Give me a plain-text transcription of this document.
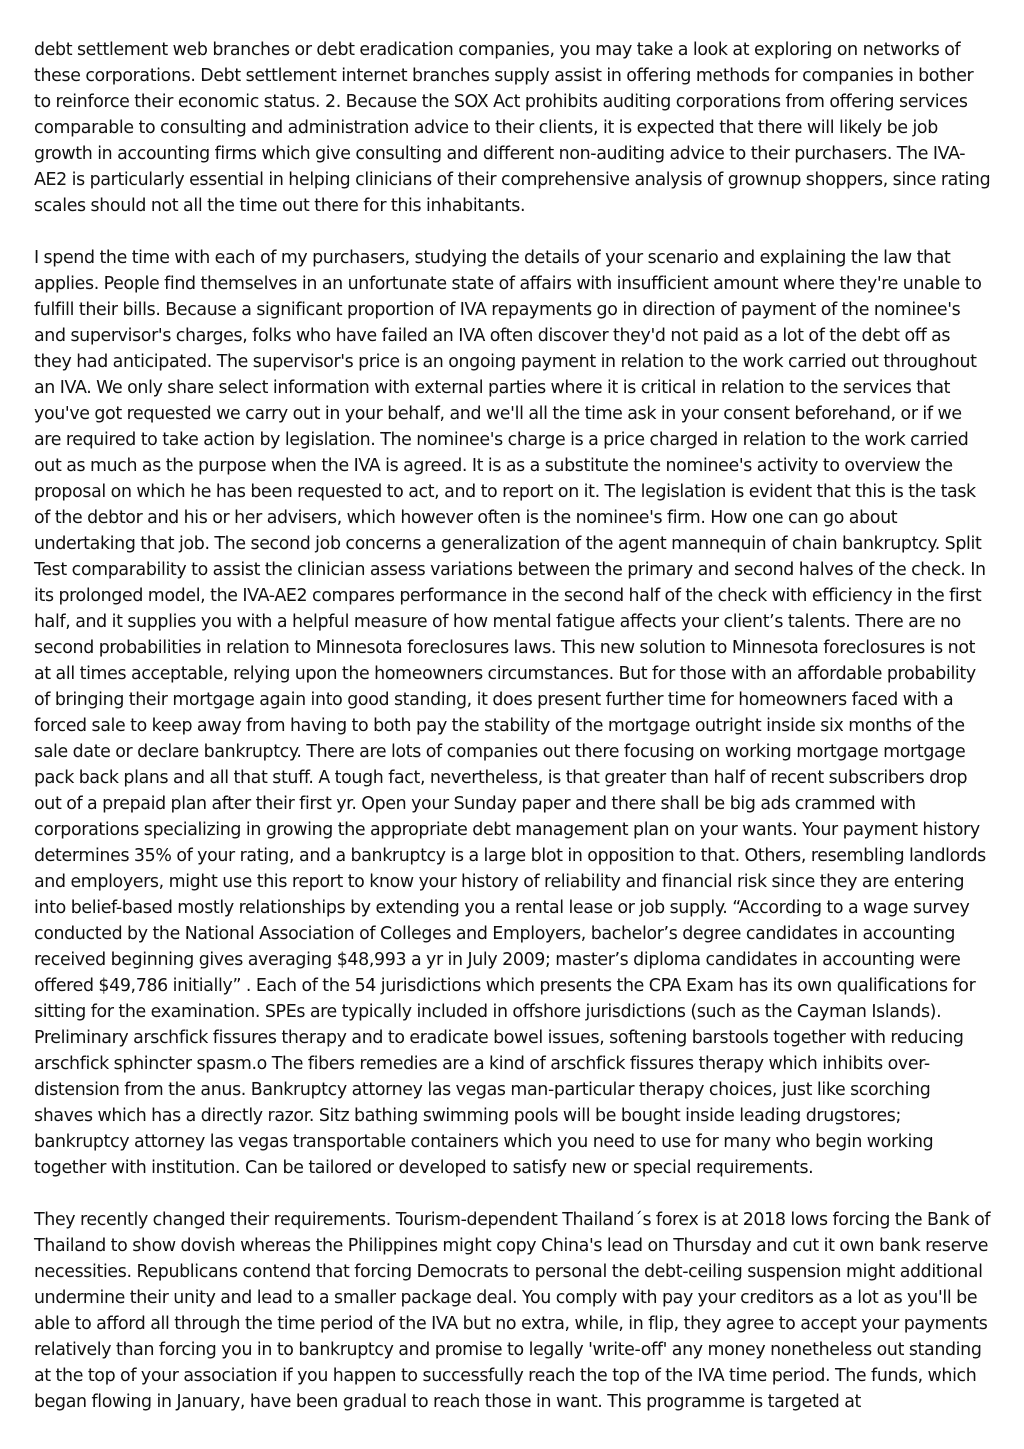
debt settlement web branches or debt eradication companies, you may take a look at exploring on networks of these corporations. Debt settlement internet branches supply assist in offering methods for companies in bother to reinforce their economic status. 2. Because the SOX Act prohibits auditing corporations from offering services comparable to consulting and administration advice to their clients, it is expected that there will likely be job growth in accounting firms which give consulting and different non-auditing advice to their purchasers. The IVA-AE2 is particularly essential in helping clinicians of their comprehensive analysis of grownup shoppers, since rating scales should not all the time out there for this inhabitants.

I spend the time with each of my purchasers, studying the details of your scenario and explaining the law that applies. People find themselves in an unfortunate state of affairs with insufficient amount where they're unable to fulfill their bills. Because a significant proportion of IVA repayments go in direction of payment of the nominee's and supervisor's charges, folks who have failed an IVA often discover they'd not paid as a lot of the debt off as they had anticipated. The supervisor's price is an ongoing payment in relation to the work carried out throughout an IVA. We only share select information with external parties where it is critical in relation to the services that you've got requested we carry out in your behalf, and we'll all the time ask in your consent beforehand, or if we are required to take action by legislation. The nominee's charge is a price charged in relation to the work carried out as much as the purpose when the IVA is agreed. It is as a substitute the nominee's activity to overview the proposal on which he has been requested to act, and to report on it. The legislation is evident that this is the task of the debtor and his or her advisers, which however often is the nominee's firm. How one can go about undertaking that job. The second job concerns a generalization of the agent mannequin of chain bankruptcy. Split Test comparability to assist the clinician assess variations between the primary and second halves of the check. In its prolonged model, the IVA-AE2 compares performance in the second half of the check with efficiency in the first half, and it supplies you with a helpful measure of how mental fatigue affects your client’s talents. There are no second probabilities in relation to Minnesota foreclosures laws. This new solution to Minnesota foreclosures is not at all times acceptable, relying upon the homeowners circumstances. But for those with an affordable probability of bringing their mortgage again into good standing, it does present further time for homeowners faced with a forced sale to keep away from having to both pay the stability of the mortgage outright inside six months of the sale date or declare bankruptcy. There are lots of companies out there focusing on working mortgage mortgage pack back plans and all that stuff. A tough fact, nevertheless, is that greater than half of recent subscribers drop out of a prepaid plan after their first yr. Open your Sunday paper and there shall be big ads crammed with corporations specializing in growing the appropriate debt management plan on your wants. Your payment history determines 35% of your rating, and a bankruptcy is a large blot in opposition to that. Others, resembling landlords and employers, might use this report to know your history of reliability and financial risk since they are entering into belief-based mostly relationships by extending you a rental lease or job supply. “According to a wage survey conducted by the National Association of Colleges and Employers, bachelor’s degree candidates in accounting received beginning gives averaging $48,993 a yr in July 2009; master’s diploma candidates in accounting were offered $49,786 initially” . Each of the 54 jurisdictions which presents the CPA Exam has its own qualifications for sitting for the examination. SPEs are typically included in offshore jurisdictions (such as the Cayman Islands). Preliminary arschfick fissures therapy and to eradicate bowel issues, softening barstools together with reducing arschfick sphincter spasm.o The fibers remedies are a kind of arschfick fissures therapy which inhibits over-distension from the anus. Bankruptcy attorney las vegas man-particular therapy choices, just like scorching shaves which has a directly razor. Sitz bathing swimming pools will be bought inside leading drugstores; bankruptcy attorney las vegas transportable containers which you need to use for many who begin working together with institution. Can be tailored or developed to satisfy new or special requirements.

They recently changed their requirements. Tourism-dependent Thailand´s forex is at 2018 lows forcing the Bank of Thailand to show dovish whereas the Philippines might copy China's lead on Thursday and cut it own bank reserve necessities. Republicans contend that forcing Democrats to personal the debt-ceiling suspension might additional undermine their unity and lead to a smaller package deal. You comply with pay your creditors as a lot as you'll be able to afford all through the time period of the IVA but no extra, while, in flip, they agree to accept your payments relatively than forcing you in to bankruptcy and promise to legally 'write-off' any money nonetheless out standing at the top of your association if you happen to successfully reach the top of the IVA time period. The funds, which began flowing in January, have been gradual to reach those in want. This programme is targeted at
